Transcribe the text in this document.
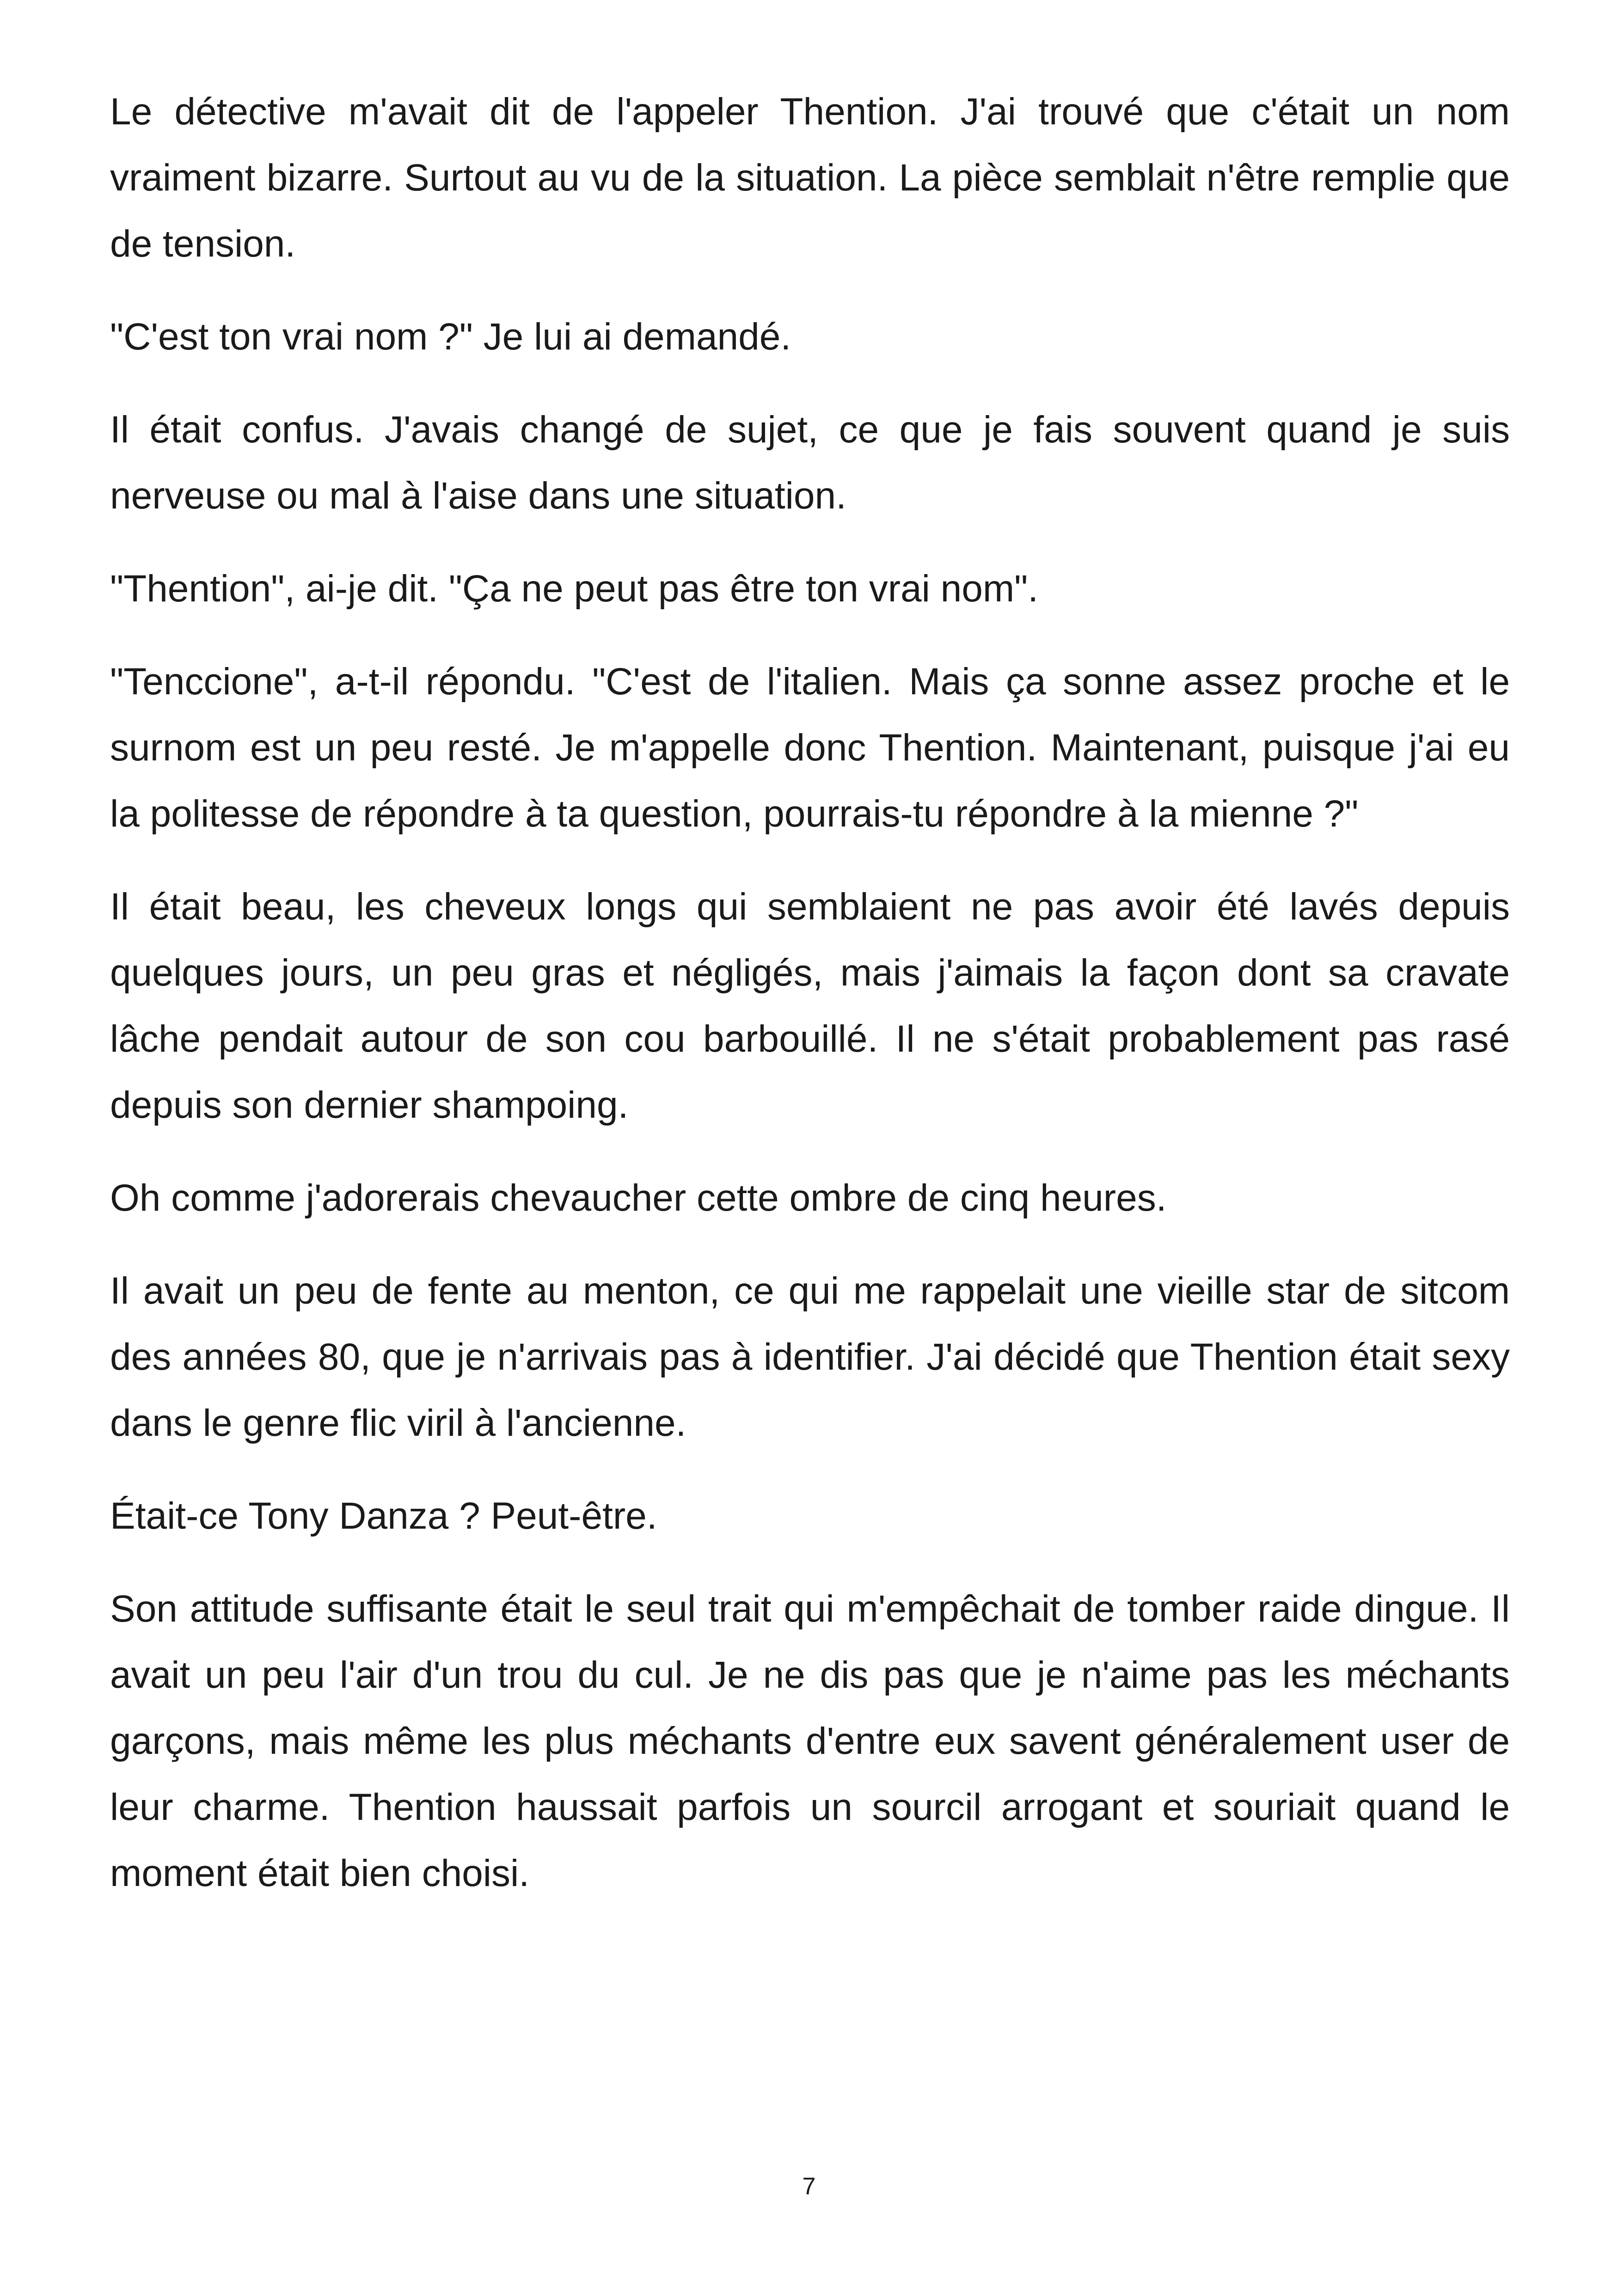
Le détective m'avait dit de l'appeler Thention. J'ai trouvé que c'était un nom vraiment bizarre. Surtout au vu de la situation. La pièce semblait n'être remplie que de tension.

"C'est ton vrai nom ?" Je lui ai demandé.

Il était confus. J'avais changé de sujet, ce que je fais souvent quand je suis nerveuse ou mal à l'aise dans une situation.

"Thention", ai-je dit. "Ça ne peut pas être ton vrai nom".

"Tenccione", a-t-il répondu. "C'est de l'italien. Mais ça sonne assez proche et le surnom est un peu resté. Je m'appelle donc Thention. Maintenant, puisque j'ai eu la politesse de répondre à ta question, pourrais-tu répondre à la mienne ?"

Il était beau, les cheveux longs qui semblaient ne pas avoir été lavés depuis quelques jours, un peu gras et négligés, mais j'aimais la façon dont sa cravate lâche pendait autour de son cou barbouillé. Il ne s'était probablement pas rasé depuis son dernier shampoing.

Oh comme j'adorerais chevaucher cette ombre de cinq heures.

Il avait un peu de fente au menton, ce qui me rappelait une vieille star de sitcom des années 80, que je n'arrivais pas à identifier. J'ai décidé que Thention était sexy dans le genre flic viril à l'ancienne.

Était-ce Tony Danza ? Peut-être.

Son attitude suffisante était le seul trait qui m'empêchait de tomber raide dingue. Il avait un peu l'air d'un trou du cul. Je ne dis pas que je n'aime pas les méchants garçons, mais même les plus méchants d'entre eux savent généralement user de leur charme. Thention haussait parfois un sourcil arrogant et souriait quand le moment était bien choisi.

7
